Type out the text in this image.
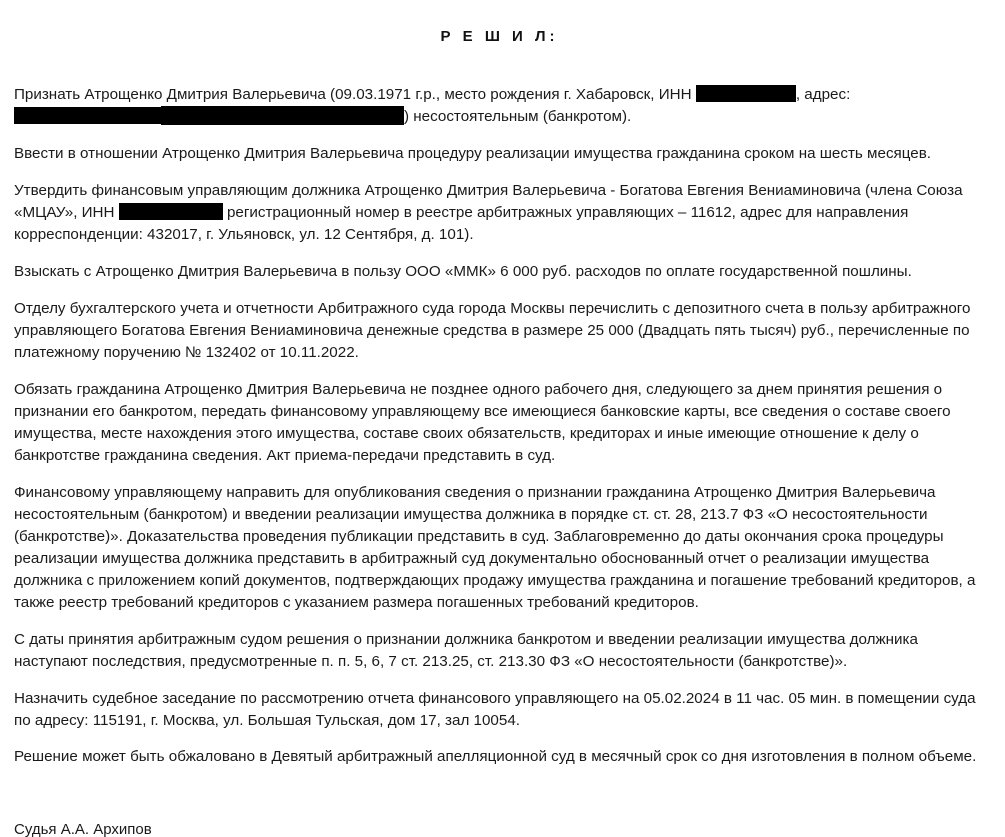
Р Е Ш И Л:

Признать Атрощенко Дмитрия Валерьевича (09.03.1971 г.р., место рождения г. Хабаровск, ИНН	, адрес: ) несостоятельным (банкротом).

Ввести в отношении Атрощенко Дмитрия Валерьевича процедуру реализации имущества гражданина сроком на шесть месяцев.

Утвердить финансовым управляющим должника Атрощенко Дмитрия Валерьевича - Богатова Евгения Вениаминовича (члена Союза «МЦАУ», ИНН	регистрационный номер в реестре арбитражных управляющих – 11612, адрес для направления корреспонденции: 432017, г. Ульяновск, ул. 12 Сентября, д. 101).

Взыскать с Атрощенко Дмитрия Валерьевича в пользу ООО «ММК» 6 000 руб. расходов по оплате государственной пошлины.

Отделу бухгалтерского учета и отчетности Арбитражного суда города Москвы перечислить с депозитного счета в пользу арбитражного управляющего Богатова Евгения Вениаминовича денежные средства в размере 25 000 (Двадцать пять тысяч) руб., перечисленные по платежному поручению № 132402 от 10.11.2022.

Обязать гражданина Атрощенко Дмитрия Валерьевича не позднее одного рабочего дня, следующего за днем принятия решения о признании его банкротом, передать финансовому управляющему все имеющиеся банковские карты, все сведения о составе своего имущества, месте нахождения этого имущества, составе своих обязательств, кредиторах и иные имеющие отношение к делу о банкротстве гражданина сведения. Акт приема-передачи представить в суд.

Финансовому управляющему направить для опубликования сведения о признании гражданина Атрощенко Дмитрия Валерьевича несостоятельным (банкротом) и введении реализации имущества должника в порядке ст. ст. 28, 213.7 ФЗ «О несостоятельности (банкротстве)». Доказательства проведения публикации представить в суд. Заблаговременно до даты окончания срока процедуры реализации имущества должника представить в арбитражный суд документально обоснованный отчет о реализации имущества должника с приложением копий документов, подтверждающих продажу имущества гражданина и погашение требований кредиторов, а также реестр требований кредиторов с указанием размера погашенных требований кредиторов.

С даты принятия арбитражным судом решения о признании должника банкротом и введении реализации имущества должника наступают последствия, предусмотренные п. п. 5, 6, 7 ст. 213.25, ст. 213.30 ФЗ «О несостоятельности (банкротстве)».

Назначить судебное заседание по рассмотрению отчета финансового управляющего на 05.02.2024 в 11 час. 05 мин. в помещении суда по адресу: 115191, г. Москва, ул. Большая Тульская, дом 17, зал 10054.

Решение может быть обжаловано в Девятый арбитражный апелляционной суд в месячный срок со дня изготовления в полном объеме.

Судья А.А. Архипов
